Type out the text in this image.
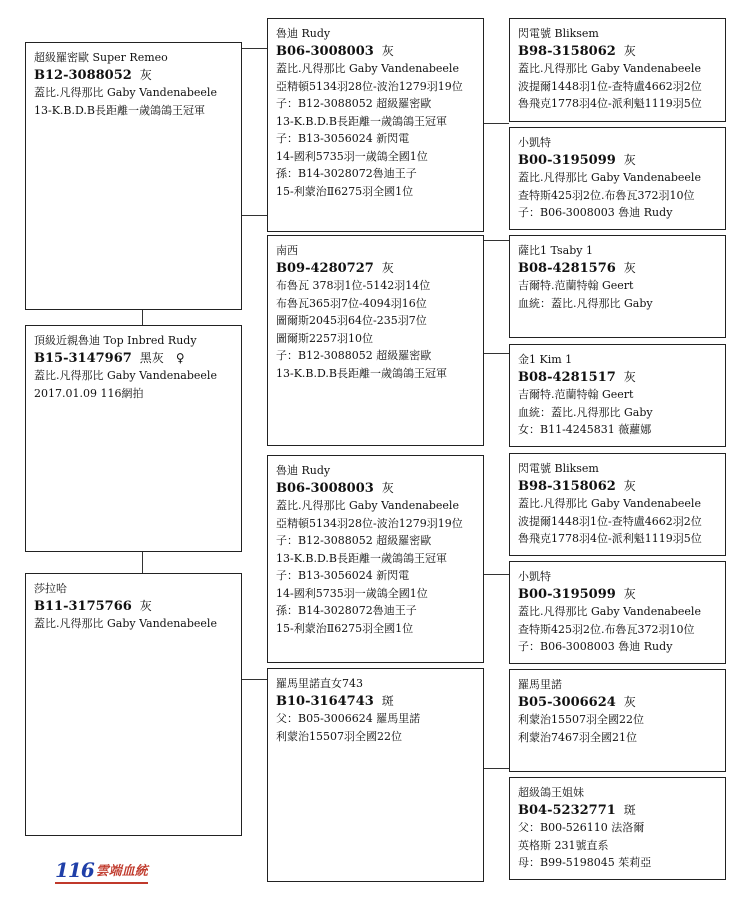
超級羅密歐 Super Remeo
B12-3088052 灰
蓋比.凡得那比 Gaby Vandenabeele
13-K.B.D.B長距離一歲鴿鴿王冠軍
頂級近親魯迪 Top Inbred Rudy
B15-3147967 黑灰 ♀
蓋比.凡得那比 Gaby Vandenabeele
2017.01.09 116網拍
莎拉哈
B11-3175766 灰
蓋比.凡得那比 Gaby Vandenabeele
魯迪 Rudy
B06-3008003 灰
蓋比.凡得那比 Gaby Vandenabeele
亞精頓5134羽28位-波治1279羽19位
子：B12-3088052 超級羅密歐
13-K.B.D.B長距離一歲鴿鴿王冠軍
子：B13-3056024 新閃電
14-國利5735羽一歲鴿全國1位
孫：B14-3028072魯迪王子
15-利蒙治Ⅱ6275羽全國1位
南西
B09-4280727 灰
布魯瓦 378羽1位-5142羽14位
布魯瓦365羽7位-4094羽16位
圖爾斯2045羽64位-235羽7位
圖爾斯2257羽10位
子：B12-3088052 超級羅密歐
13-K.B.D.B長距離一歲鴿鴿王冠軍
魯迪 Rudy
B06-3008003 灰
蓋比.凡得那比 Gaby Vandenabeele
亞精頓5134羽28位-波治1279羽19位
子：B12-3088052 超級羅密歐
13-K.B.D.B長距離一歲鴿鴿王冠軍
子：B13-3056024 新閃電
14-國利5735羽一歲鴿全國1位
孫：B14-3028072魯迪王子
15-利蒙治Ⅱ6275羽全國1位
羅馬里諾直女743
B10-3164743 斑
父：B05-3006624 羅馬里諾
利蒙治15507羽全國22位
閃電號 Bliksem
B98-3158062 灰
蓋比.凡得那比 Gaby Vandenabeele
波提爾1448羽1位-查特盧4662羽2位
魯飛克1778羽4位-派利魁1119羽5位
小凱特
B00-3195099 灰
蓋比.凡得那比 Gaby Vandenabeele
查特斯425羽2位.布魯瓦372羽10位
子：B06-3008003 魯迪 Rudy
薩比1 Tsaby 1
B08-4281576 灰
吉爾特.范蘭特翰 Geert
血統：蓋比.凡得那比 Gaby
金1 Kim 1
B08-4281517 灰
吉爾特.范蘭特翰 Geert
血統：蓋比.凡得那比 Gaby
女：B11-4245831 薇蘿娜
閃電號 Bliksem
B98-3158062 灰
蓋比.凡得那比 Gaby Vandenabeele
波提爾1448羽1位-查特盧4662羽2位
魯飛克1778羽4位-派利魁1119羽5位
小凱特
B00-3195099 灰
蓋比.凡得那比 Gaby Vandenabeele
查特斯425羽2位.布魯瓦372羽10位
子：B06-3008003 魯迪 Rudy
羅馬里諾
B05-3006624 灰
利蒙治15507羽全國22位
利蒙治7467羽全國21位
超級鴿王姐妹
B04-5232771 斑
父：B00-526110 法洛爾
英格斯 231號直系
母：B99-5198045 茱莉亞
116 雲端血統
